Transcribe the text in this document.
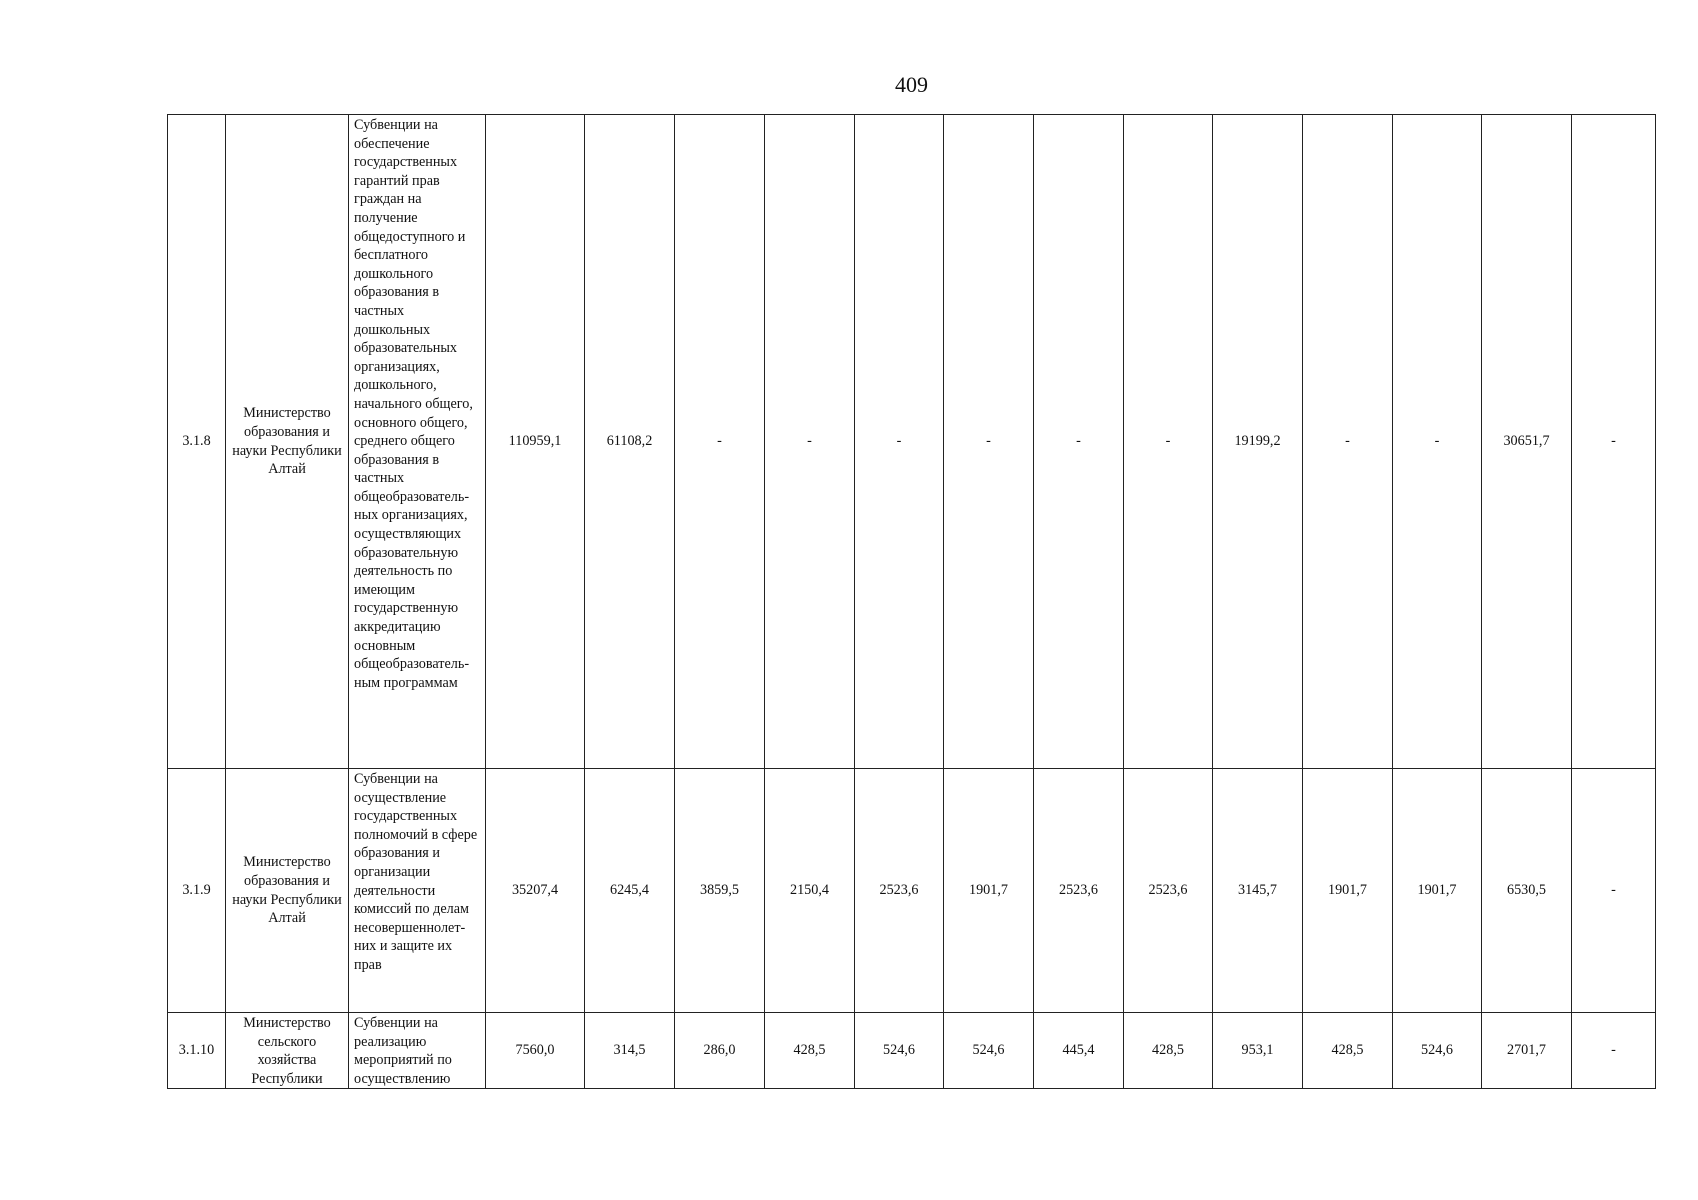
409
3.1.8	Министерство образования и науки Республики Алтай	Субвенции на обеспечение государственных гарантий прав граждан на получение общедоступного и бесплатного дошкольного образования в частных дошкольных образовательных организациях, дошкольного, начального общего, основного общего, среднего общего образования в частных общеобразователь-ных организациях, осуществляющих образовательную деятельность по имеющим государственную аккредитацию основным общеобразователь-ным программам	110959,1	61108,2	-	-	-	-	-	-	19199,2	-	-	30651,7	-
3.1.9	Министерство образования и науки Республики Алтай	Субвенции на осуществление государственных полномочий в сфере образования и организации деятельности комиссий по делам несовершеннолет-них и защите их прав	35207,4	6245,4	3859,5	2150,4	2523,6	1901,7	2523,6	2523,6	3145,7	1901,7	1901,7	6530,5	-
3.1.10	Министерство сельского хозяйства Республики	Субвенции на реализацию мероприятий по осуществлению	7560,0	314,5	286,0	428,5	524,6	524,6	445,4	428,5	953,1	428,5	524,6	2701,7	-
